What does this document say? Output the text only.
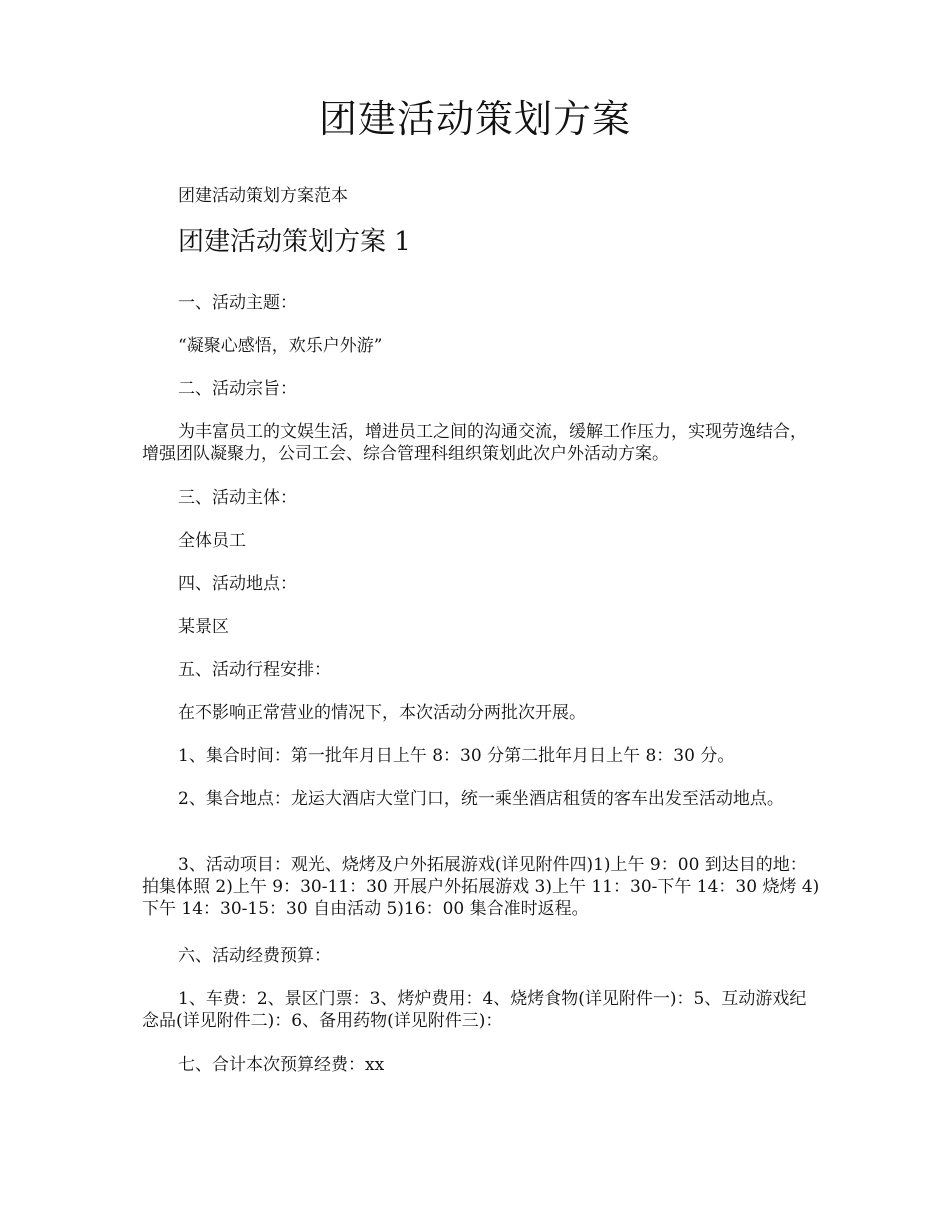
团建活动策划方案

团建活动策划方案范本

团建活动策划方案 1

一、活动主题：

“凝聚心感悟，欢乐户外游”

二、活动宗旨：

为丰富员工的文娱生活，增进员工之间的沟通交流，缓解工作压力，实现劳逸结合，增强团队凝聚力，公司工会、综合管理科组织策划此次户外活动方案。

三、活动主体：

全体员工

四、活动地点：

某景区

五、活动行程安排：

在不影响正常营业的情况下，本次活动分两批次开展。

1、集合时间：第一批年月日上午 8：30 分第二批年月日上午 8：30 分。

2、集合地点：龙运大酒店大堂门口，统一乘坐酒店租赁的客车出发至活动地点。

3、活动项目：观光、烧烤及户外拓展游戏(详见附件四)1)上午 9：00 到达目的地：拍集体照 2)上午 9：30-11：30 开展户外拓展游戏 3)上午 11：30-下午 14：30 烧烤 4)下午 14：30-15：30 自由活动 5)16：00 集合准时返程。

六、活动经费预算：

1、车费：2、景区门票：3、烤炉费用：4、烧烤食物(详见附件一)：5、互动游戏纪念品(详见附件二)：6、备用药物(详见附件三)：

七、合计本次预算经费：xx
